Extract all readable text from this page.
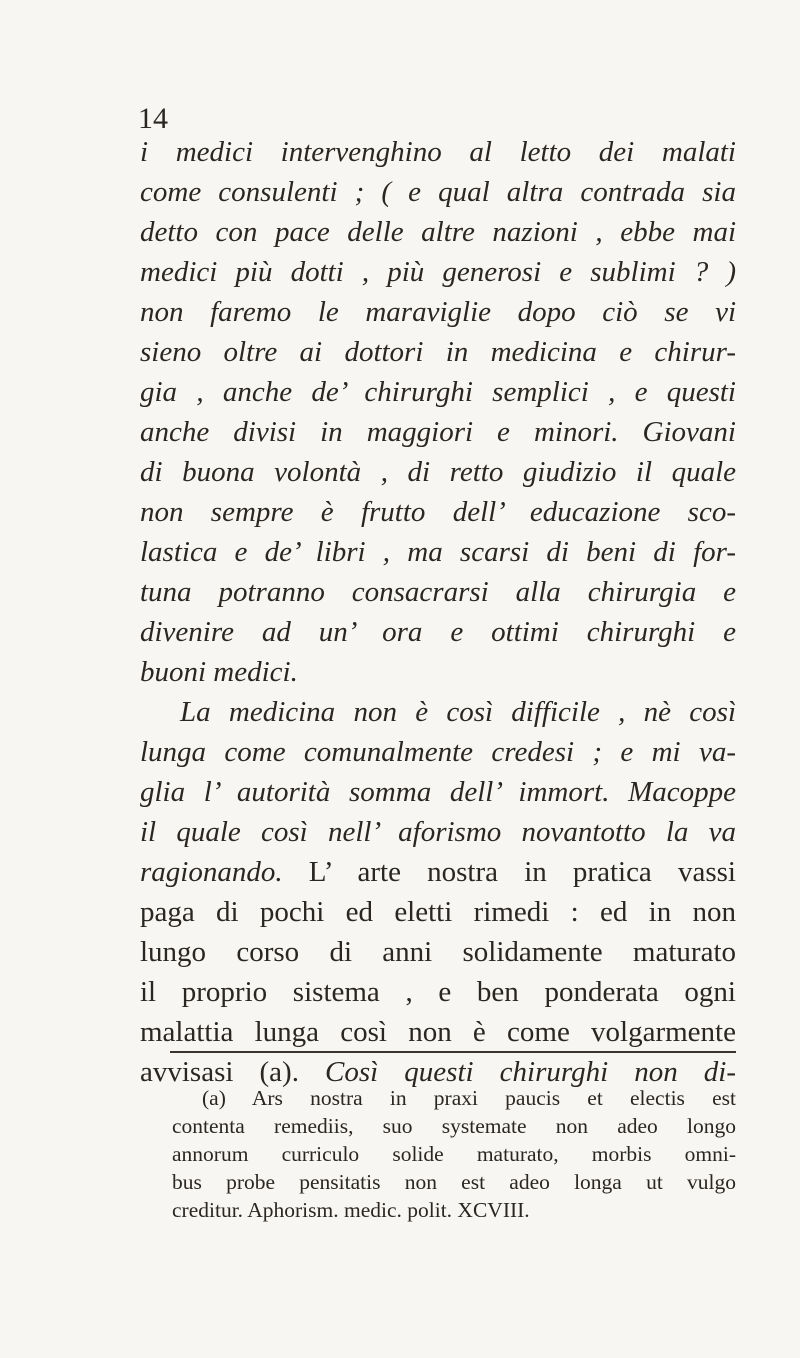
14
i medici intervenghino al letto dei malati
come consulenti ; ( e qual altra contrada sia
detto con pace delle altre nazioni , ebbe mai
medici più dotti , più generosi e sublimi ? )
non faremo le maraviglie dopo ciò se vi
sieno oltre ai dottori in medicina e chirur-
gia , anche de’ chirurghi semplici , e questi
anche divisi in maggiori e minori. Giovani
di buona volontà , di retto giudizio il quale
non sempre è frutto dell’ educazione sco-
lastica e de’ libri , ma scarsi di beni di for-
tuna potranno consacrarsi alla chirurgia e
divenire ad un’ ora e ottimi chirurghi e
buoni medici.
La medicina non è così difficile , nè così
lunga come comunalmente credesi ; e mi va-
glia l’ autorità somma dell’ immort. Macoppe
il quale così nell’ aforismo novantotto la va
ragionando. L’ arte nostra in pratica vassi
paga di pochi ed eletti rimedi : ed in non
lungo corso di anni solidamente maturato
il proprio sistema , e ben ponderata ogni
malattia lunga così non è come volgarmente
avvisasi (a). Così questi chirurghi non di-
(a) Ars nostra in praxi paucis et electis est
contenta remediis, suo systemate non adeo longo
annorum curriculo solide maturato, morbis omni-
bus probe pensitatis non est adeo longa ut vulgo
creditur. Aphorism. medic. polit. XCVIII.
